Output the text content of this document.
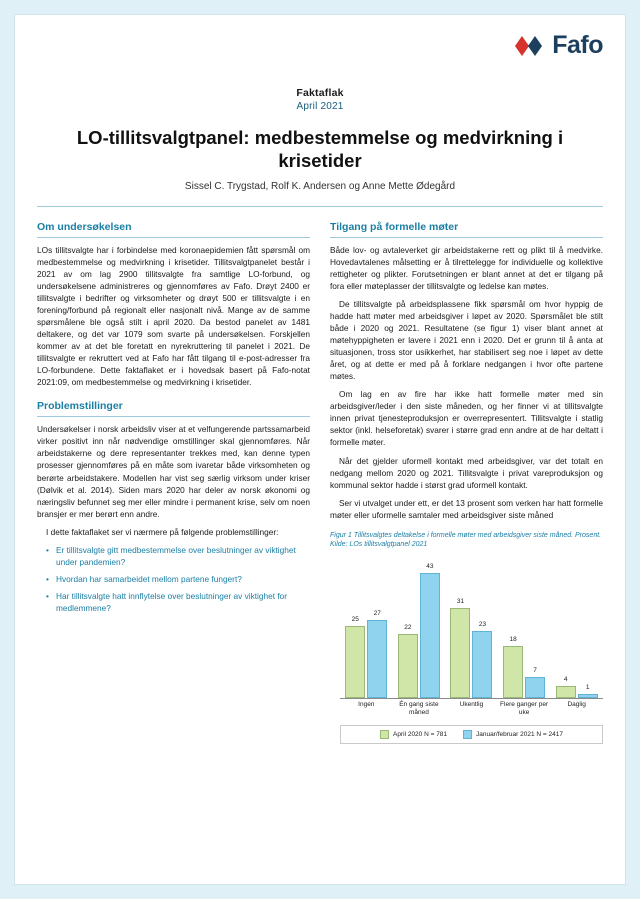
Fafo
Faktaflak
April 2021
LO-tillitsvalgtpanel: medbestemmelse og medvirkning i krisetider
Sissel C. Trygstad, Rolf K. Andersen og Anne Mette Ødegård
Om undersøkelsen

LOs tillitsvalgte har i forbindelse med koronaepidemien fått spørsmål om medbestemmelse og medvirkning i krisetider. Tillitsvalgtpanelet består i 2021 av om lag 2900 tillitsvalgte fra samtlige LO-forbund, og undersøkelsene administreres og gjennomføres av Fafo. Drøyt 2400 er tillitsvalgte i bedrifter og virksomheter og drøyt 500 er tillitsvalgte i en forening/forbund på regionalt eller nasjonalt nivå. Mange av de samme spørsmålene ble også stilt i april 2020. Da bestod panelet av 1481 deltakere, og det var 1079 som svarte på undersøkelsen. Forskjellen kommer av at det ble foretatt en nyrekruttering til panelet i 2021. De tillitsvalgte er rekruttert ved at Fafo har fått tilgang til e-post-adresser fra LO-forbundene. Dette faktaflaket er i hovedsak basert på Fafo-notat 2021:09, om medbestemmelse og medvirkning i krisetider.

Problemstillinger

Undersøkelser i norsk arbeidsliv viser at et velfungerende partssamarbeid virker positivt inn når nødvendige omstillinger skal gjennomføres. Når arbeidstakerne og dere representanter trekkes med, kan denne typen prosesser gjennomføres på en måte som ivaretar både virksomheten og berørte arbeidstakere. Modellen har vist seg særlig virksom under kriser (Dølvik et al. 2014). Siden mars 2020 har deler av norsk økonomi og næringsliv befunnet seg mer eller mindre i permanent krise, selv om noen bransjer er mer berørt enn andre.

I dette faktaflaket ser vi nærmere på følgende problemstillinger:

• Er tillitsvalgte gitt medbestemmelse over beslutninger av viktighet under pandemien?
• Hvordan har samarbeidet mellom partene fungert?
• Har tillitsvalgte hatt innflytelse over beslutninger av viktighet for medlemmene?
Tilgang på formelle møter

Både lov- og avtaleverket gir arbeidstakerne rett og plikt til å medvirke. Hovedavtalenes målsetting er å tilrettelegge for individuelle og kollektive rettigheter og plikter. Forutsetningen er blant annet at det er tilgang på fora eller møteplasser der tillitsvalgte og ledelse kan møtes.

De tillitsvalgte på arbeidsplassene fikk spørsmål om hvor hyppig de hadde hatt møter med arbeidsgiver i løpet av 2020. Spørsmålet ble stilt både i 2020 og 2021. Resultatene (se figur 1) viser blant annet at møtehyppigheten er lavere i 2021 enn i 2020. Det er grunn til å anta at situasjonen, tross stor usikkerhet, har stabilisert seg noe i løpet av dette året, og at dette er med på å forklare nedgangen i hvor ofte partene møtes.

Om lag en av fire har ikke hatt formelle møter med sin arbeidsgiver/leder i den siste måneden, og her finner vi at tillitsvalgte innen privat tjenesteproduksjon er overrepresentert. Tillitsvalgte i statlig sektor (inkl. helseforetak) svarer i større grad enn andre at de har deltatt i formelle møter.

Når det gjelder uformell kontakt med arbeidsgiver, var det totalt en nedgang mellom 2020 og 2021. Tillitsvalgte i privat vareproduksjon og kommunal sektor hadde i størst grad uformell kontakt.

Ser vi utvalget under ett, er det 13 prosent som verken har hatt formelle møter eller uformelle samtaler med arbeidsgiver siste måned

Figur 1 Tillitsvalgtes deltakelse i formelle møter med arbeidsgiver siste måned. Prosent. Kilde: LOs tillitsvalgtpanel 2021
25
27
22
43
31
23
18
7
4
1
Ingen	Én gang siste måned
Ukentlig	Flere ganger per uke
Daglig
April 2020 N = 781	Januar/februar 2021 N = 2417
